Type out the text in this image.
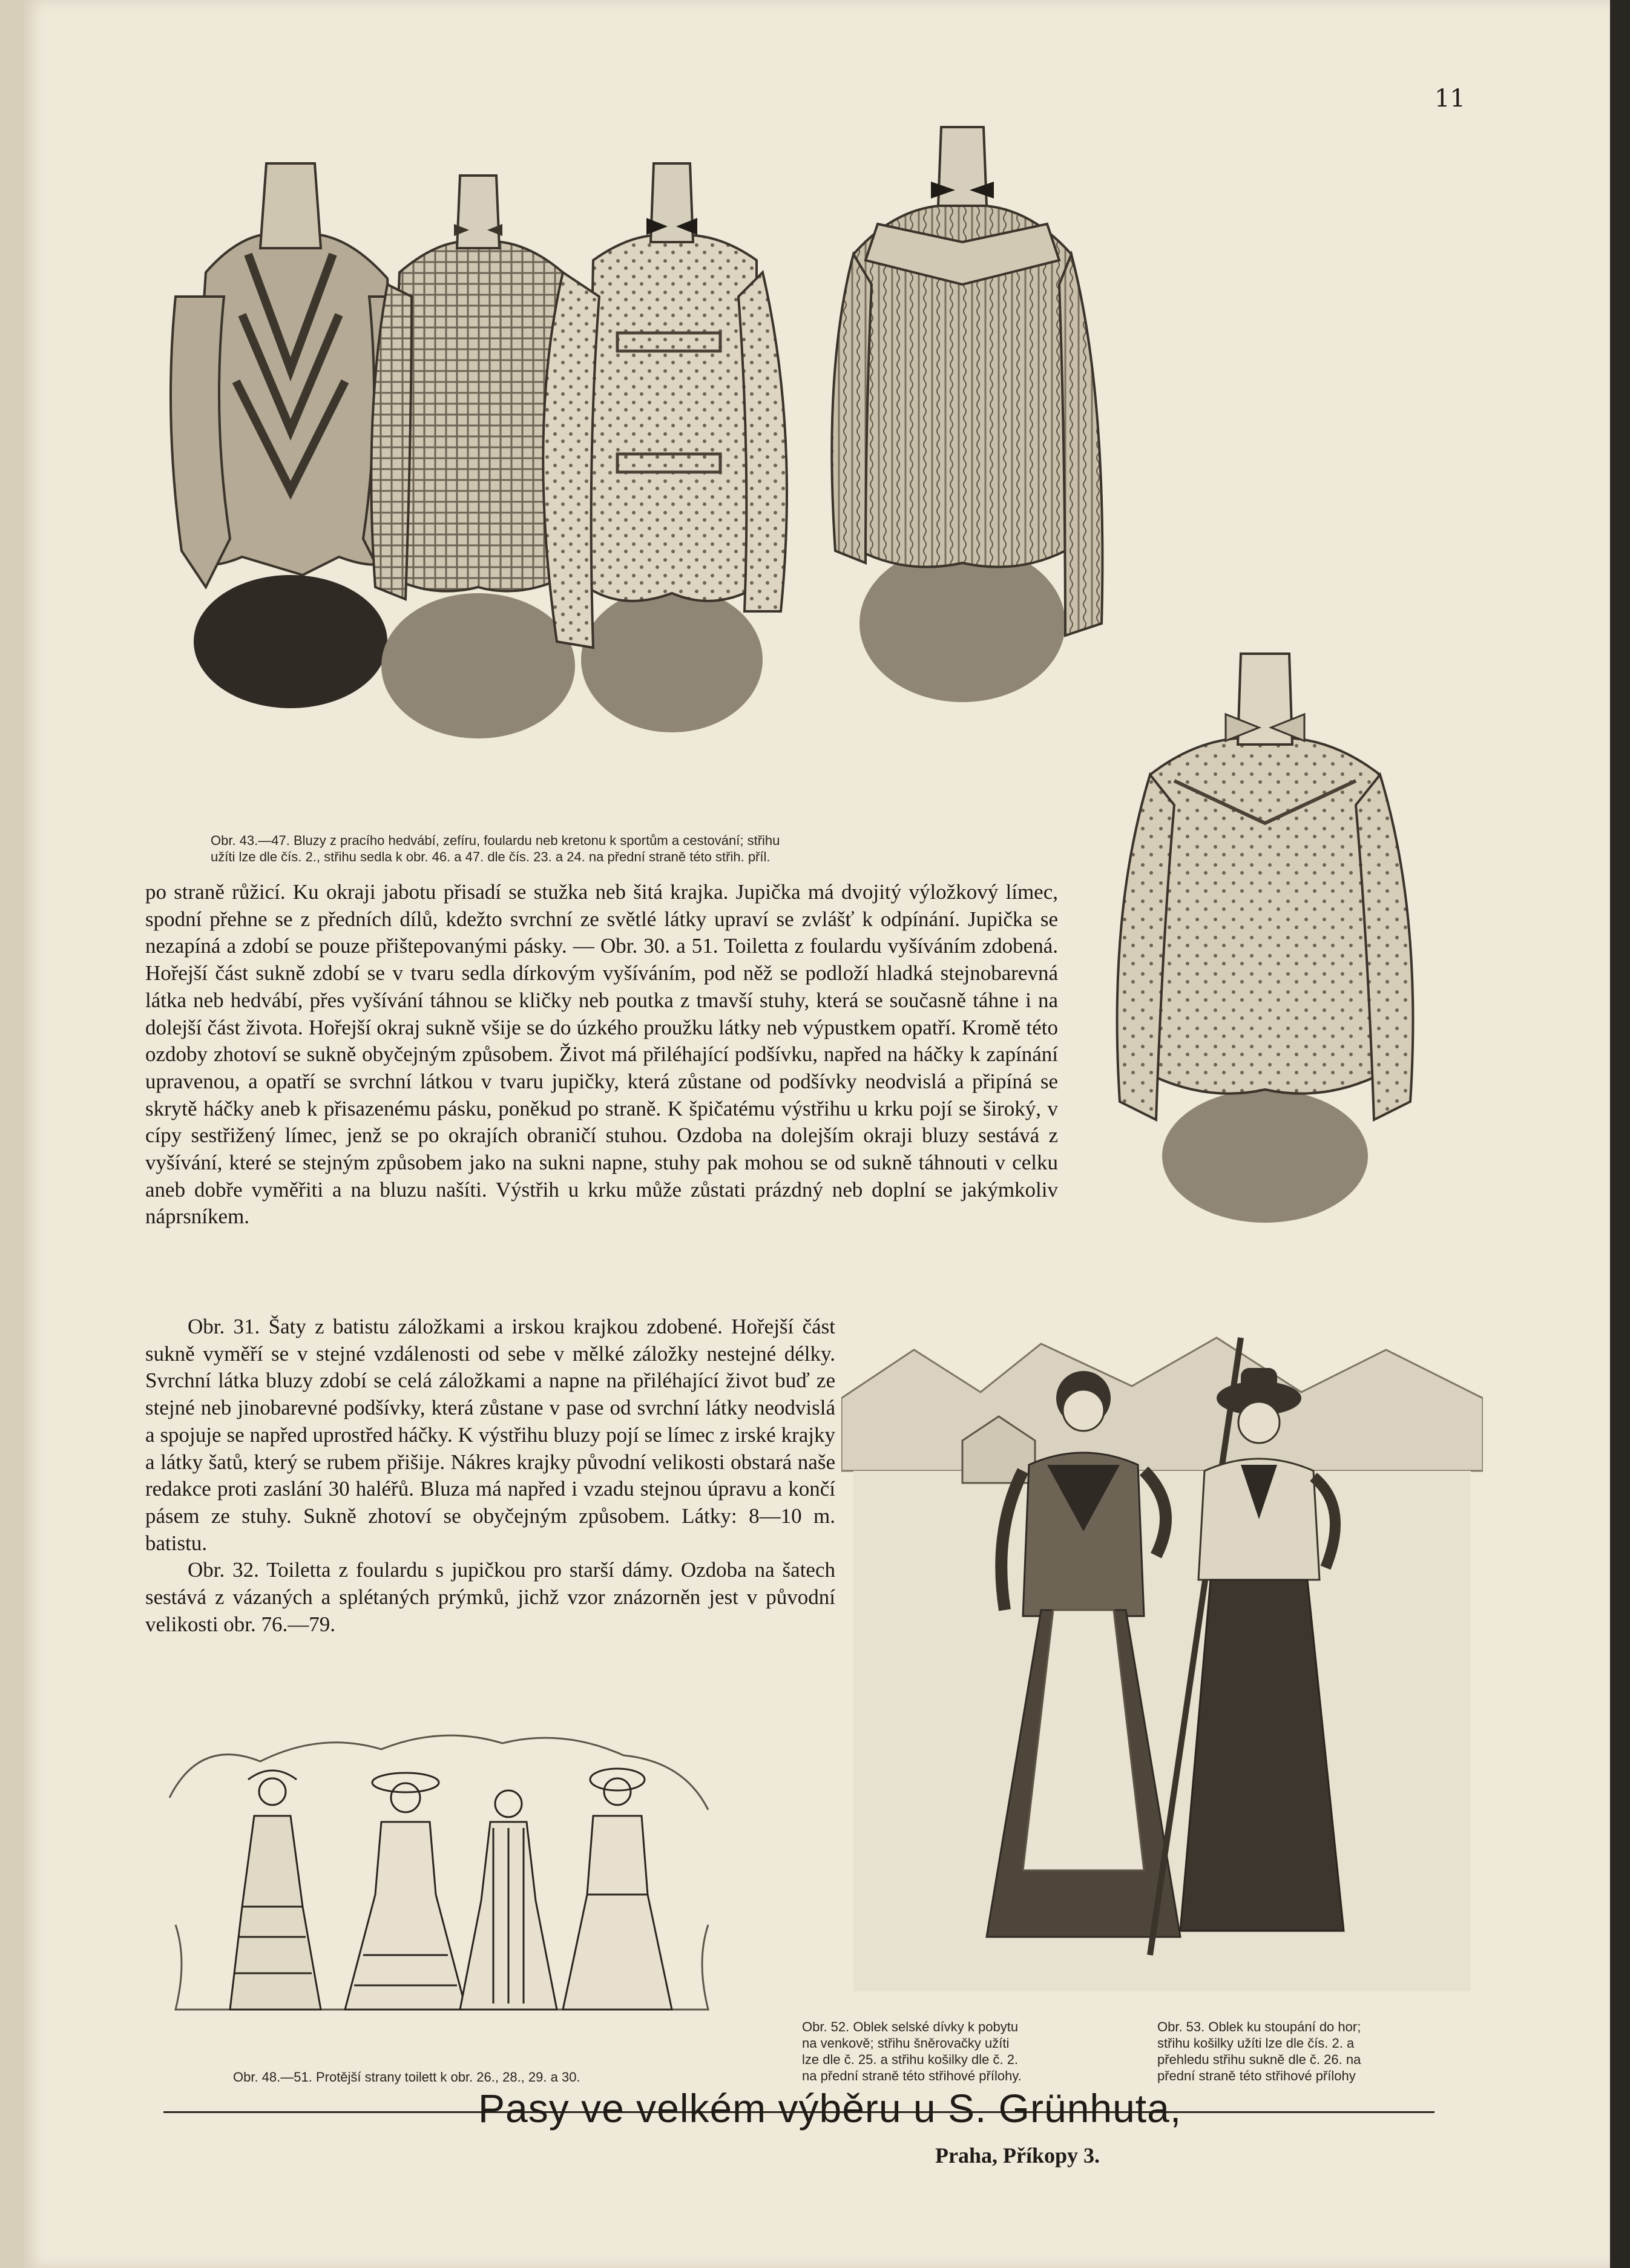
11
Obr. 43.—47. Bluzy z pracího hedvábí, zefíru, foulardu neb kretonu k sportům a cestování; střihu
užíti lze dle čís. 2., střihu sedla k obr. 46. a 47. dle čís. 23. a 24. na přední straně této střih. příl.

po straně růžicí. Ku okraji jabotu přisadí se stužka neb šitá krajka. Jupička má dvojitý výložkový límec, spodní přehne se z předních dílů, kdežto svrchní ze světlé látky upraví se zvlášť k odpínání. Jupička se nezapíná a zdobí se pouze přištepovanými pásky. — Obr. 30. a 51. Toiletta z foulardu vyšíváním zdobená. Hořejší část sukně zdobí se v tvaru sedla dírkovým vyšíváním, pod něž se podloží hladká stejnobarevná látka neb hedvábí, přes vyšívání táhnou se kličky neb poutka z tmavší stuhy, která se současně táhne i na dolejší část života. Hořejší okraj sukně všije se do úzkého proužku látky neb výpustkem opatří. Kromě této ozdoby zhotoví se sukně obyčejným způsobem. Život má přiléhající podšívku, napřed na háčky k zapínání upravenou, a opatří se svrchní látkou v tvaru jupičky, která zůstane od podšívky neodvislá a připíná se skrytě háčky aneb k přisazenému pásku, poněkud po straně. K špičatému výstřihu u krku pojí se široký, v cípy sestřižený límec, jenž se po okrajích obraničí stuhou. Ozdoba na dolejším okraji bluzy sestává z vyšívání, které se stejným způsobem jako na sukni napne, stuhy pak mohou se od sukně táhnouti v celku aneb dobře vyměřiti a na bluzu našíti. Výstřih u krku může zůstati prázdný neb doplní se jakýmkoliv náprsníkem.

Obr. 31. Šaty z batistu záložkami a irskou krajkou zdobené. Hořejší část sukně vyměří se v stejné vzdálenosti od sebe v mělké záložky nestejné délky. Svrchní látka bluzy zdobí se celá záložkami a napne na přiléhající život buď ze stejné neb jinobarevné podšívky, která zůstane v pase od svrchní látky neodvislá a spojuje se napřed uprostřed háčky. K výstřihu bluzy pojí se límec z irské krajky a látky šatů, který se rubem přišije. Nákres krajky původní velikosti obstará naše redakce proti zaslání 30 haléřů. Bluza má napřed i vzadu stejnou úpravu a končí pásem ze stuhy. Sukně zhotoví se obyčejným způsobem. Látky: 8—10 m. batistu.

Obr. 32. Toiletta z foulardu s jupičkou pro starší dámy. Ozdoba na šatech sestává z vázaných a splétaných prýmků, jichž vzor znázorněn jest v původní velikosti obr. 76.—79.

Obr. 48.—51. Protější strany toilett k obr. 26., 28., 29. a 30.
Obr. 52. Oblek selské dívky k pobytu
na venkově; střihu šněrovačky užíti
lze dle č. 25. a střihu košilky dle č. 2.
na přední straně této střihové přílohy.
Obr. 53. Oblek ku stoupání do hor;
střihu košilky užíti lze dle čís. 2. a
přehledu střihu sukně dle č. 26. na
přední straně této střihové přílohy
Pasy ve velkém výběru u S. Grünhuta,
Praha, Příkopy 3.
